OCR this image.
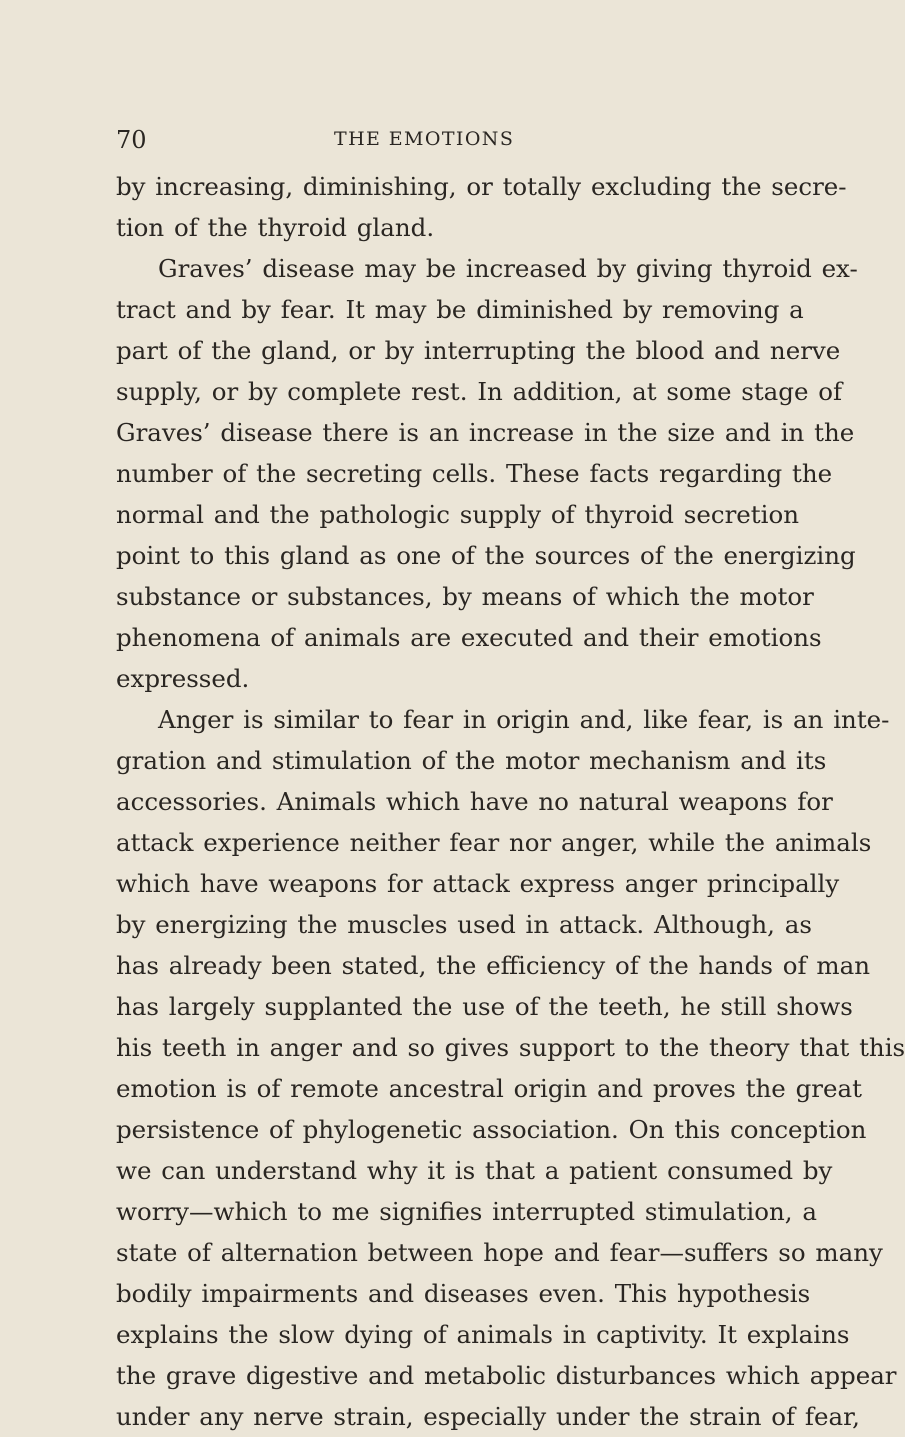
70	THE EMOTIONS
by increasing, diminishing, or totally excluding the secre-
tion of the thyroid gland.
Graves’ disease may be increased by giving thyroid ex-
tract and by fear. It may be diminished by removing a
part of the gland, or by interrupting the blood and nerve
supply, or by complete rest. In addition, at some stage of
Graves’ disease there is an increase in the size and in the
number of the secreting cells. These facts regarding the
normal and the pathologic supply of thyroid secretion
point to this gland as one of the sources of the energizing
substance or substances, by means of which the motor
phenomena of animals are executed and their emotions
expressed.
Anger is similar to fear in origin and, like fear, is an inte-
gration and stimulation of the motor mechanism and its
accessories. Animals which have no natural weapons for
attack experience neither fear nor anger, while the animals
which have weapons for attack express anger principally
by energizing the muscles used in attack. Although, as
has already been stated, the efficiency of the hands of man
has largely supplanted the use of the teeth, he still shows
his teeth in anger and so gives support to the theory that this
emotion is of remote ancestral origin and proves the great
persistence of phylogenetic association. On this conception
we can understand why it is that a patient consumed by
worry—which to me signifies interrupted stimulation, a
state of alternation between hope and fear—suffers so many
bodily impairments and diseases even. This hypothesis
explains the slow dying of animals in captivity. It explains
the grave digestive and metabolic disturbances which appear
under any nerve strain, especially under the strain of fear,
